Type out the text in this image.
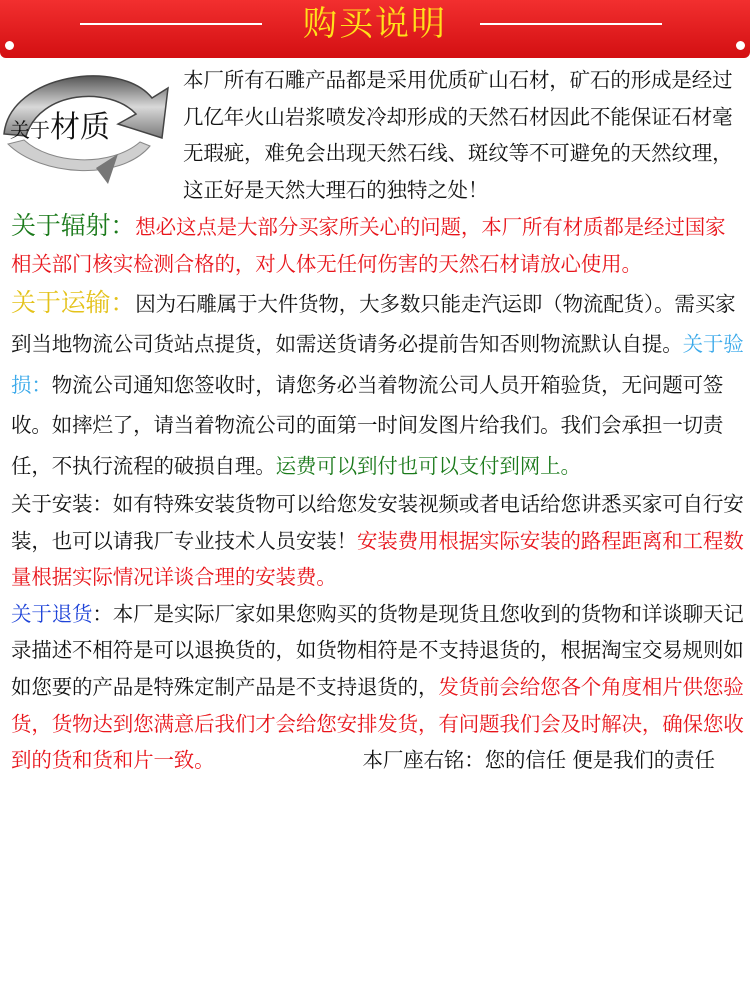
购买说明
关于材质

本厂所有石雕产品都是采用优质矿山石材，矿石的形成是经过几亿年火山岩浆喷发冷却形成的天然石材因此不能保证石材毫无瑕疵，难免会出现天然石线、斑纹等不可避免的天然纹理，这正好是天然大理石的独特之处！

关于辐射：想必这点是大部分买家所关心的问题，本厂所有材质都是经过国家相关部门核实检测合格的，对人体无任何伤害的天然石材请放心使用。

关于运输：因为石雕属于大件货物，大多数只能走汽运即（物流配货）。需买家到当地物流公司货站点提货，如需送货请务必提前告知否则物流默认自提。关于验损：物流公司通知您签收时，请您务必当着物流公司人员开箱验货，无问题可签收。如摔烂了，请当着物流公司的面第一时间发图片给我们。我们会承担一切责任，不执行流程的破损自理。运费可以到付也可以支付到网上。

关于安装：如有特殊安装货物可以给您发安装视频或者电话给您讲悉买家可自行安装，也可以请我厂专业技术人员安装！安装费用根据实际安装的路程距离和工程数量根据实际情况详谈合理的安装费。

关于退货：本厂是实际厂家如果您购买的货物是现货且您收到的货物和详谈聊天记录描述不相符是可以退换货的，如货物相符是不支持退货的，根据淘宝交易规则如如您要的产品是特殊定制产品是不支持退货的，发货前会给您各个角度相片供您验货，货物达到您满意后我们才会给您安排发货，有问题我们会及时解决，确保您收到的货和货和片一致。	本厂座右铭：您的信任 便是我们的责任
